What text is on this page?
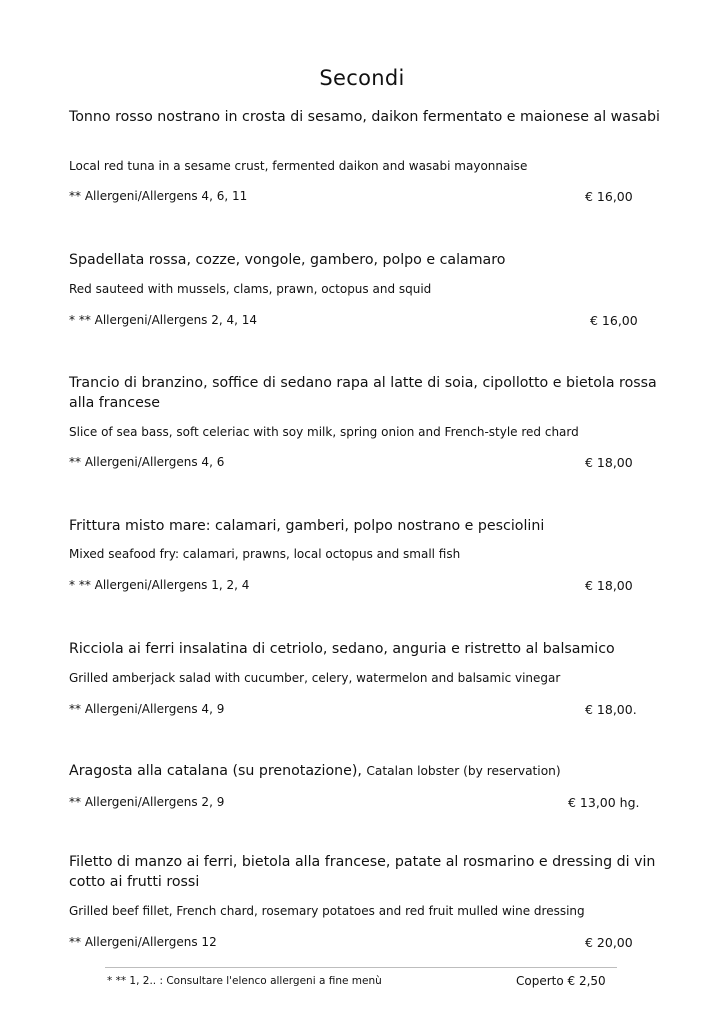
Secondi
Tonno rosso nostrano in crosta di sesamo, daikon fermentato e maionese al wasabi
Local red tuna in a sesame crust, fermented daikon and wasabi mayonnaise
** Allergeni/Allergens 4, 6, 11	€ 16,00
Spadellata rossa, cozze, vongole, gambero, polpo e calamaro
Red sauteed with mussels, clams, prawn, octopus and squid
* ** Allergeni/Allergens 2, 4, 14	€ 16,00
Trancio di branzino, soffice di sedano rapa al latte di soia, cipollotto e bietola rossa alla francese
Slice of sea bass, soft celeriac with soy milk, spring onion and French-style red chard
** Allergeni/Allergens 4, 6	€ 18,00
Frittura misto mare: calamari, gamberi, polpo nostrano e pesciolini
Mixed seafood fry: calamari, prawns, local octopus and small fish
* ** Allergeni/Allergens 1, 2, 4	€ 18,00
Ricciola ai ferri insalatina di cetriolo, sedano, anguria e ristretto al balsamico
Grilled amberjack salad with cucumber, celery, watermelon and balsamic vinegar
** Allergeni/Allergens 4, 9	€ 18,00.
Aragosta alla catalana (su prenotazione), Catalan lobster (by reservation)
** Allergeni/Allergens 2, 9	€ 13,00 hg.
Filetto di manzo ai ferri, bietola alla francese, patate al rosmarino e dressing di vin cotto ai frutti rossi
Grilled beef fillet, French chard, rosemary potatoes and red fruit mulled wine dressing
** Allergeni/Allergens 12	€ 20,00
* ** 1, 2.. : Consultare l'elenco allergeni a fine menù	Coperto € 2,50
